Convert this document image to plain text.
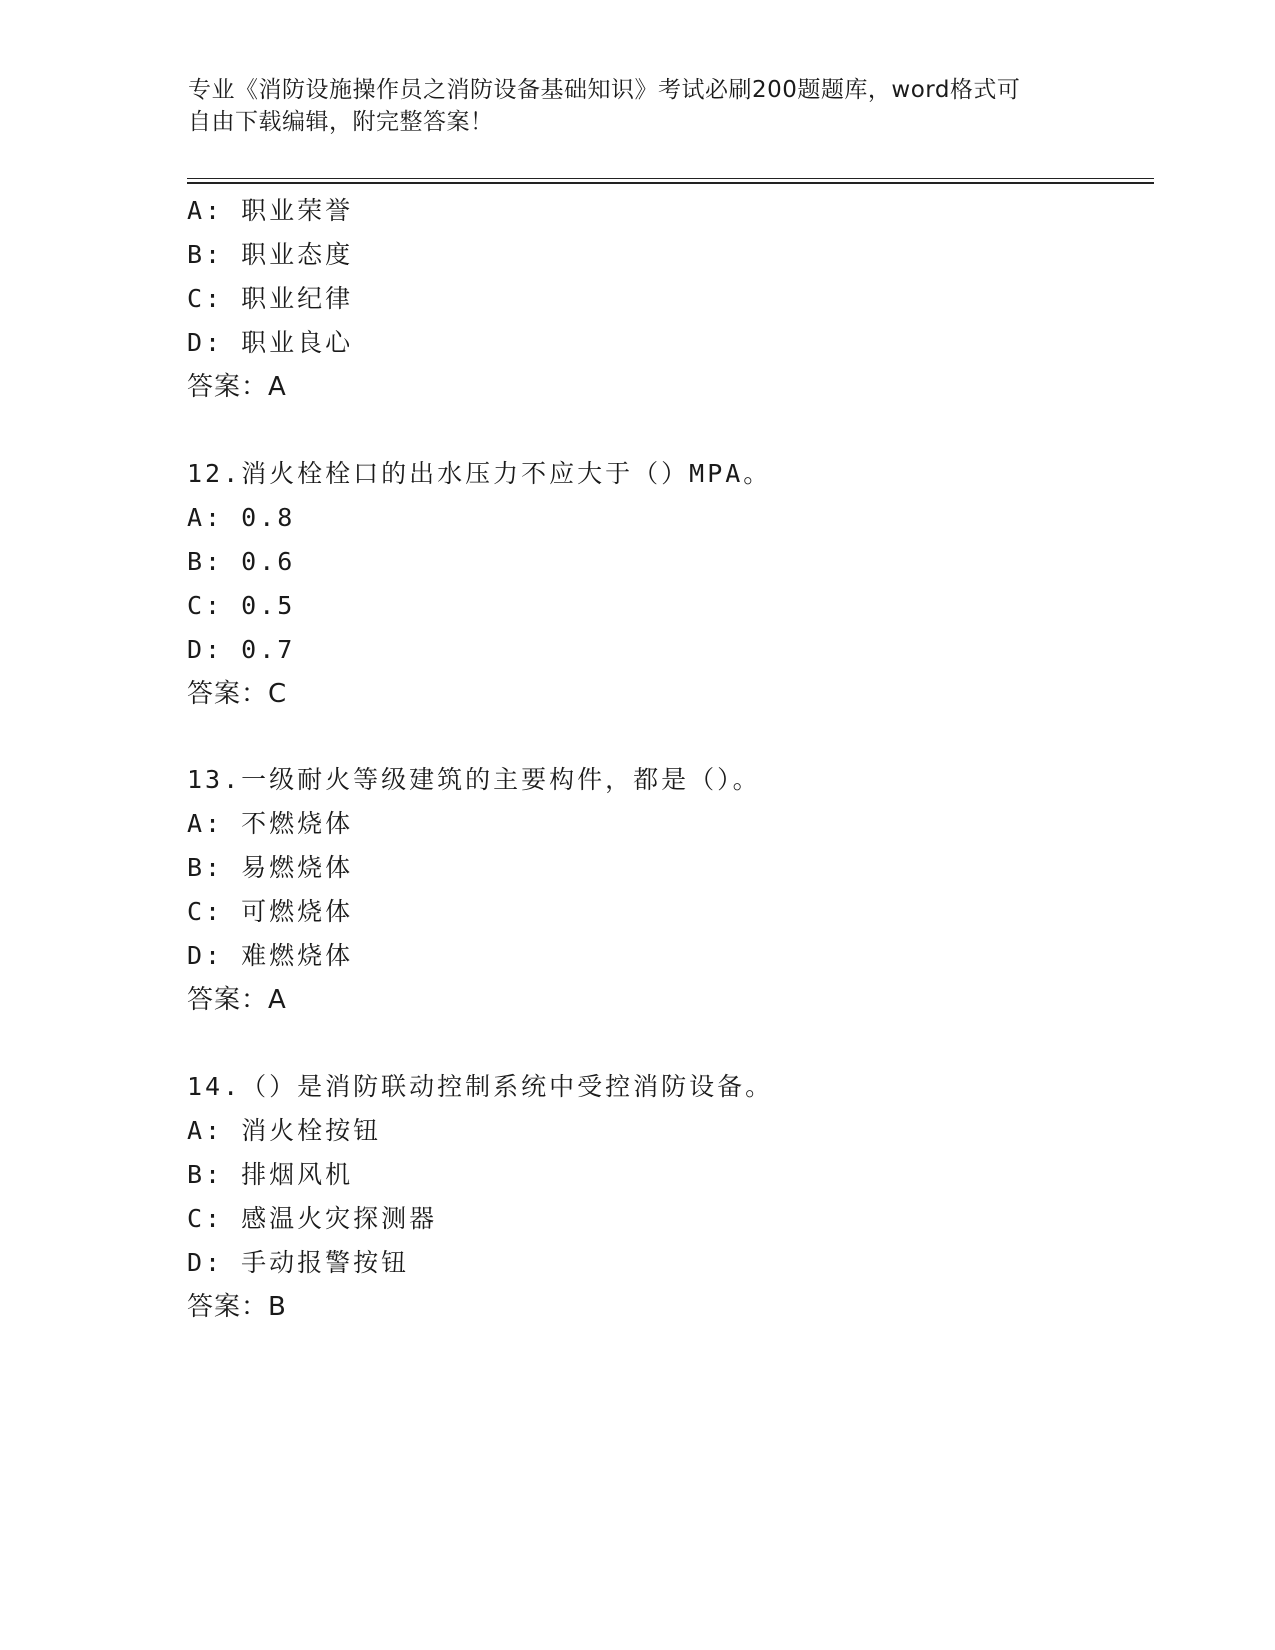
专业《消防设施操作员之消防设备基础知识》考试必刷200题题库，word格式可
自由下载编辑，附完整答案！
A: 职业荣誉
B: 职业态度
C: 职业纪律
D: 职业良心
答案：A
12.消火栓栓口的出水压力不应大于（）MPA。
A: 0.8
B: 0.6
C: 0.5
D: 0.7
答案：C
13.一级耐火等级建筑的主要构件，都是（）。
A: 不燃烧体
B: 易燃烧体
C: 可燃烧体
D: 难燃烧体
答案：A
14.（）是消防联动控制系统中受控消防设备。
A: 消火栓按钮
B: 排烟风机
C: 感温火灾探测器
D: 手动报警按钮
答案：B
